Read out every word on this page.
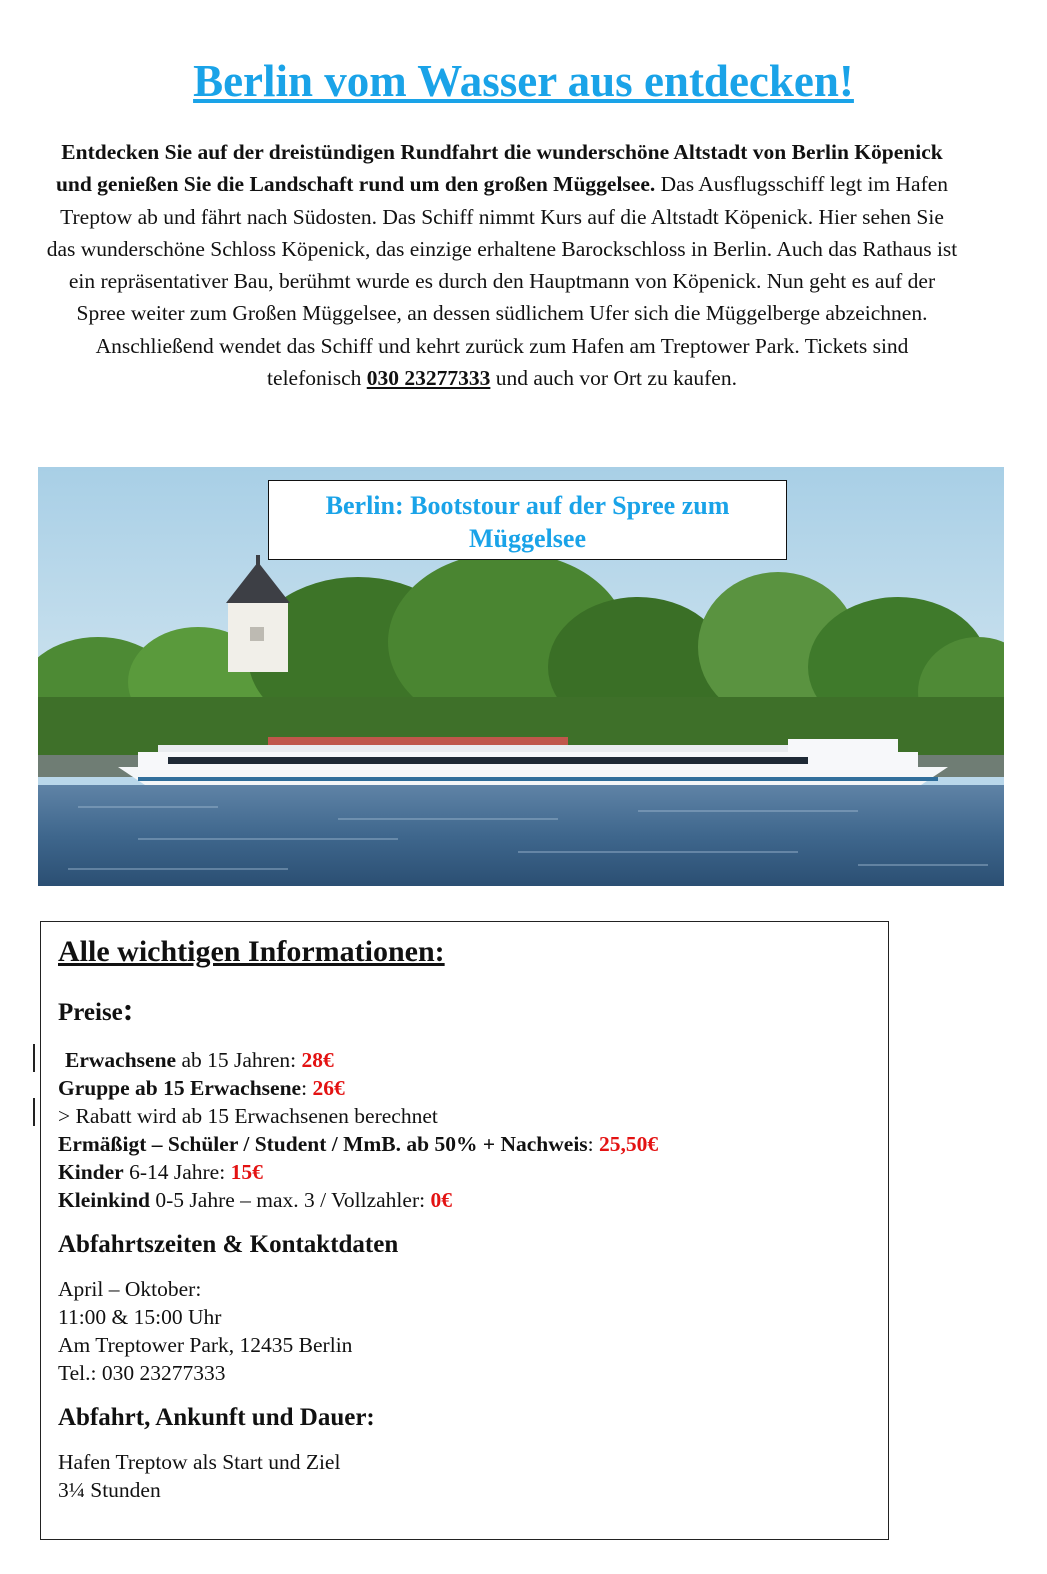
Berlin vom Wasser aus entdecken!

Entdecken Sie auf der dreistündigen Rundfahrt die wunderschöne Altstadt von Berlin Köpenick und genießen Sie die Landschaft rund um den großen Müggelsee. Das Ausflugsschiff legt im Hafen Treptow ab und fährt nach Südosten. Das Schiff nimmt Kurs auf die Altstadt Köpenick. Hier sehen Sie das wunderschöne Schloss Köpenick, das einzige erhaltene Barockschloss in Berlin. Auch das Rathaus ist ein repräsentativer Bau, berühmt wurde es durch den Hauptmann von Köpenick. Nun geht es auf der Spree weiter zum Großen Müggelsee, an dessen südlichem Ufer sich die Müggelberge abzeichnen. Anschließend wendet das Schiff und kehrt zurück zum Hafen am Treptower Park. Tickets sind telefonisch 030 23277333 und auch vor Ort zu kaufen.

Berlin: Bootstour auf der Spree zum Müggelsee
Alle wichtigen Informationen:
Preise:
Erwachsene ab 15 Jahren: 28€
Gruppe ab 15 Erwachsene: 26€
> Rabatt wird ab 15 Erwachsenen berechnet
Ermäßigt – Schüler / Student / MmB. ab 50% + Nachweis: 25,50€
Kinder 6-14 Jahre: 15€
Kleinkind 0-5 Jahre – max. 3 / Vollzahler: 0€
Abfahrtszeiten & Kontaktdaten

April – Oktober:

11:00 & 15:00 Uhr

Am Treptower Park, 12435 Berlin

Tel.: 030 23277333

Abfahrt, Ankunft und Dauer:

Hafen Treptow als Start und Ziel

3¼ Stunden
